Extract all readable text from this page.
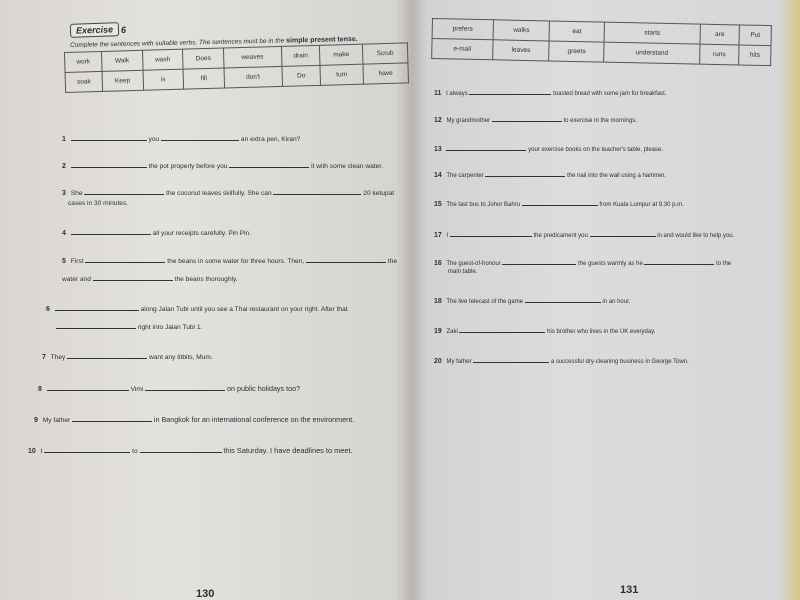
Exercise 6
Complete the sentences with suitable verbs. The sentences must be in the simple present tense.
work	Walk	wash	Does	weaves	drain	make	Scrub
soak	Keep	is	fill	don't	Do	turn	have
1	you	an extra pen, Kiran?
2	the pot properly before you	it with some clean water.
3 She	the coconut leaves skilfully. She can	20 ketupat
cases in 30 minutes.
4	all your receipts carefully. Pin Pin.
5 First	the beans in some water for three hours. Then,	the
water and	the beans thoroughly.
6	along Jalan Tubi until you see a Thai restaurant on your right. After that
right into Jalan Tubi 1.
7 They	want any titbits, Mum.
8	Vimi	on public holidays too?
9 My father	in Bangkok for an international conference on the environment.
10 I	to	this Saturday. I have deadlines to meet.
130
prefers	walks	eat	starts	are	Put
e-mail	leaves	greets	understand	runs	hits
11 I always	toasted bread with some jam for breakfast.
12 My grandmother	to exercise in the mornings.
13	your exercise books on the teacher's table, please.
14 The carpenter	the nail into the wall using a hammer.
15 The last bus to Johor Bahru	from Kuala Lumpur at 9.30 p.m.
17 I	the predicament you	in and would like to help you.
16 The guest-of-honour	the guests warmly as he	to the
main table.
18 The live telecast of the game	in an hour.
19 Zaki	his brother who lives in the UK everyday.
20 My father	a successful dry-cleaning business in George Town.
131
